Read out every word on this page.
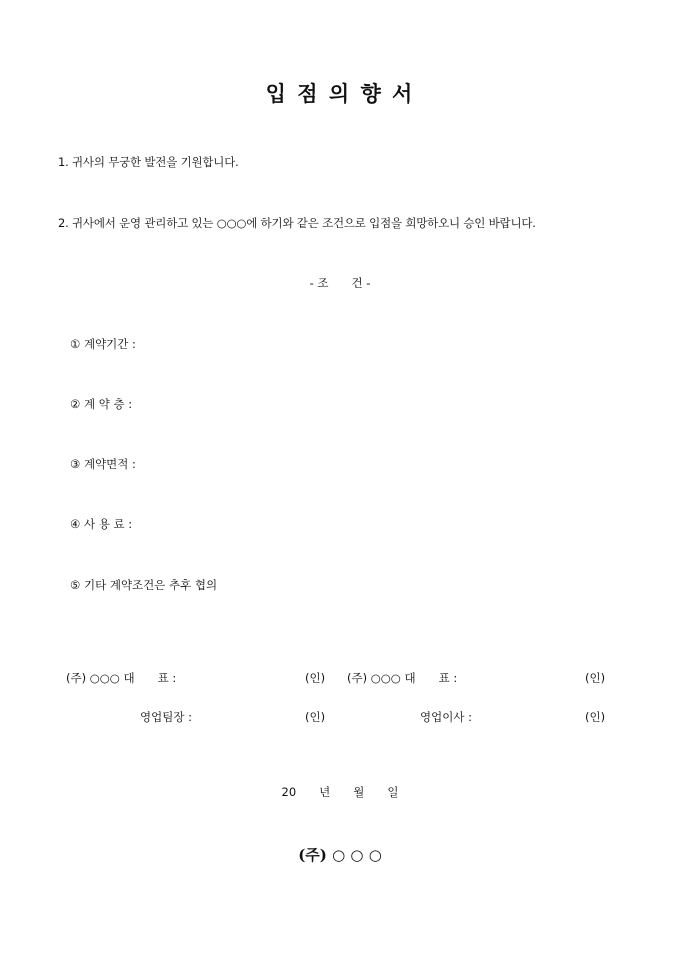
입 점 의 향 서
1. 귀사의 무궁한 발전을 기원합니다.
2. 귀사에서 운영 관리하고 있는 ○○○에 하기와 같은 조건으로 입점을 희망하오니 승인 바랍니다.
- 조　　건 -
① 계약기간 :
② 계 약 층 :
③ 계약면적 :
④ 사 용 료 :
⑤ 기타 계약조건은 추후 협의
(주) ○○○ 대　　표 :	(인) (주) ○○○ 대　　표 :	(인)
영업팀장 :	(인)	영업이사 :	(인)
20　　년　　월　　일
(주) ○ ○ ○
